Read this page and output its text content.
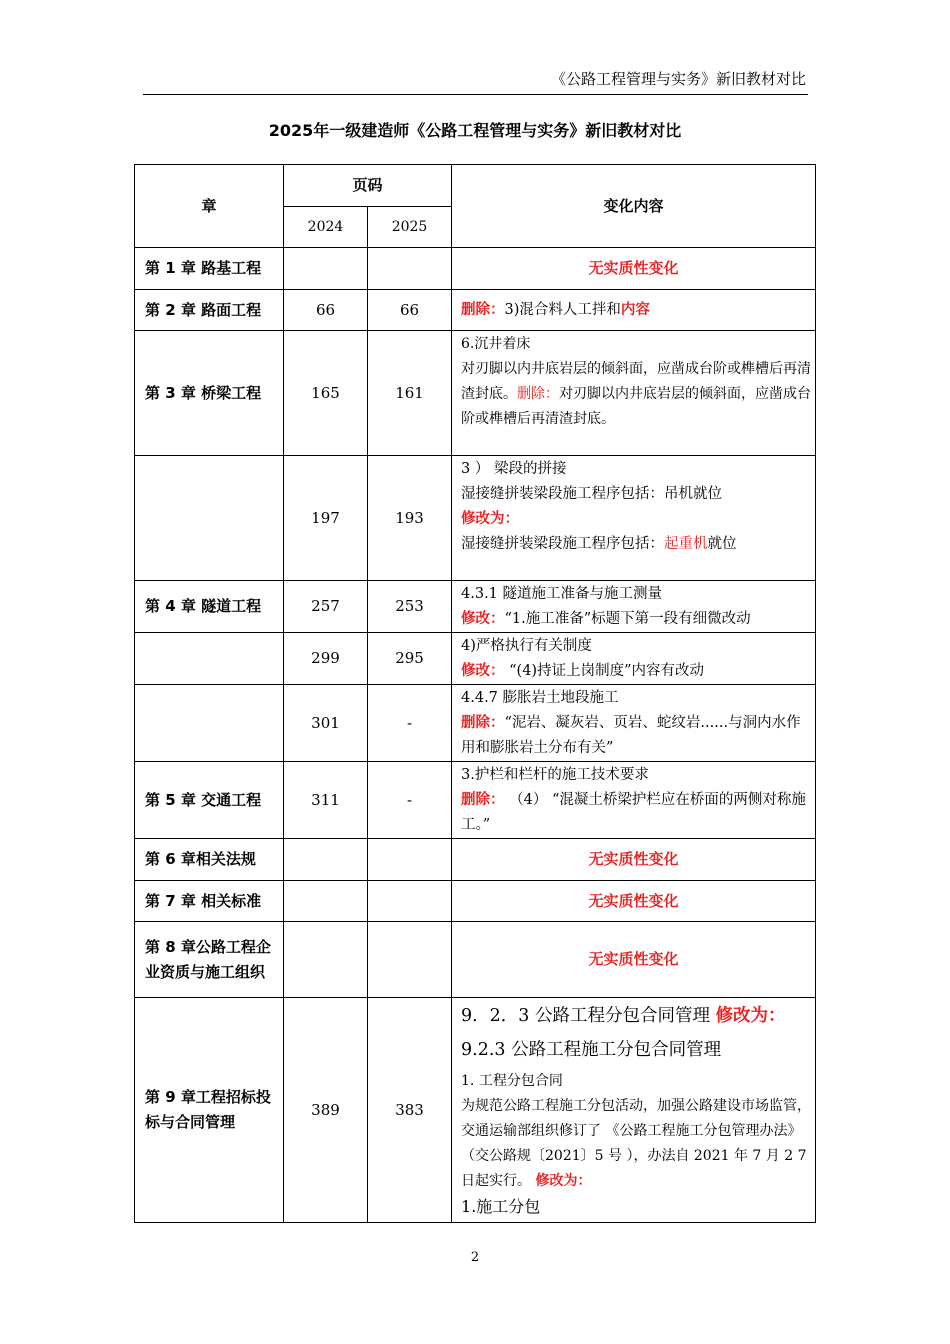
《公路工程管理与实务》新旧教材对比
2025年一级建造师《公路工程管理与实务》新旧教材对比
章	页码		变化内容
	2024	2025	
第 1 章 路基工程			无实质性变化
第 2 章 路面工程	66	66	删除：3)混合料人工拌和内容
第 3 章 桥梁工程	165	161	6.沉井着床
对刃脚以内井底岩层的倾斜面，应凿成台阶或榫槽后再清渣封底。删除：对刃脚以内井底岩层的倾斜面，应凿成台阶或榫槽后再清渣封底。
	197	193	3 ） 梁段的拼接
湿接缝拼装梁段施工程序包括：吊机就位
修改为：
湿接缝拼装梁段施工程序包括：起重机就位

第 4 章 隧道工程	257	253	4.3.1 隧道施工准备与施工测量
修改：“1.施工准备”标题下第一段有细微改动

	299	295	4)严格执行有关制度
修改： “(4)持证上岗制度”内容有改动

	301	-	4.4.7 膨胀岩土地段施工
删除：“泥岩、凝灰岩、页岩、蛇纹岩......与洞内水作用和膨胀岩土分布有关”

第 5 章 交通工程	311	-	3.护栏和栏杆的施工技术要求
删除： （4） “混凝土桥梁护栏应在桥面的两侧对称施工。”

第 6 章相关法规			无实质性变化
第 7 章 相关标准			无实质性变化
第 8 章公路工程企业资质与施工组织			无实质性变化
第 9 章工程招标投标与合同管理	389	383	9．2．3 公路工程分包合同管理 修改为：9.2.3 公路工程施工分包合同管理
1. 工程分包合同
为规范公路工程施工分包活动，加强公路建设市场监管，交通运输部组织修订了 《公路工程施工分包管理办法》（交公路规〔2021〕5 号 ），办法自 2021 年 7 月 2 7 日起实行。 修改为：
1.施工分包
2
